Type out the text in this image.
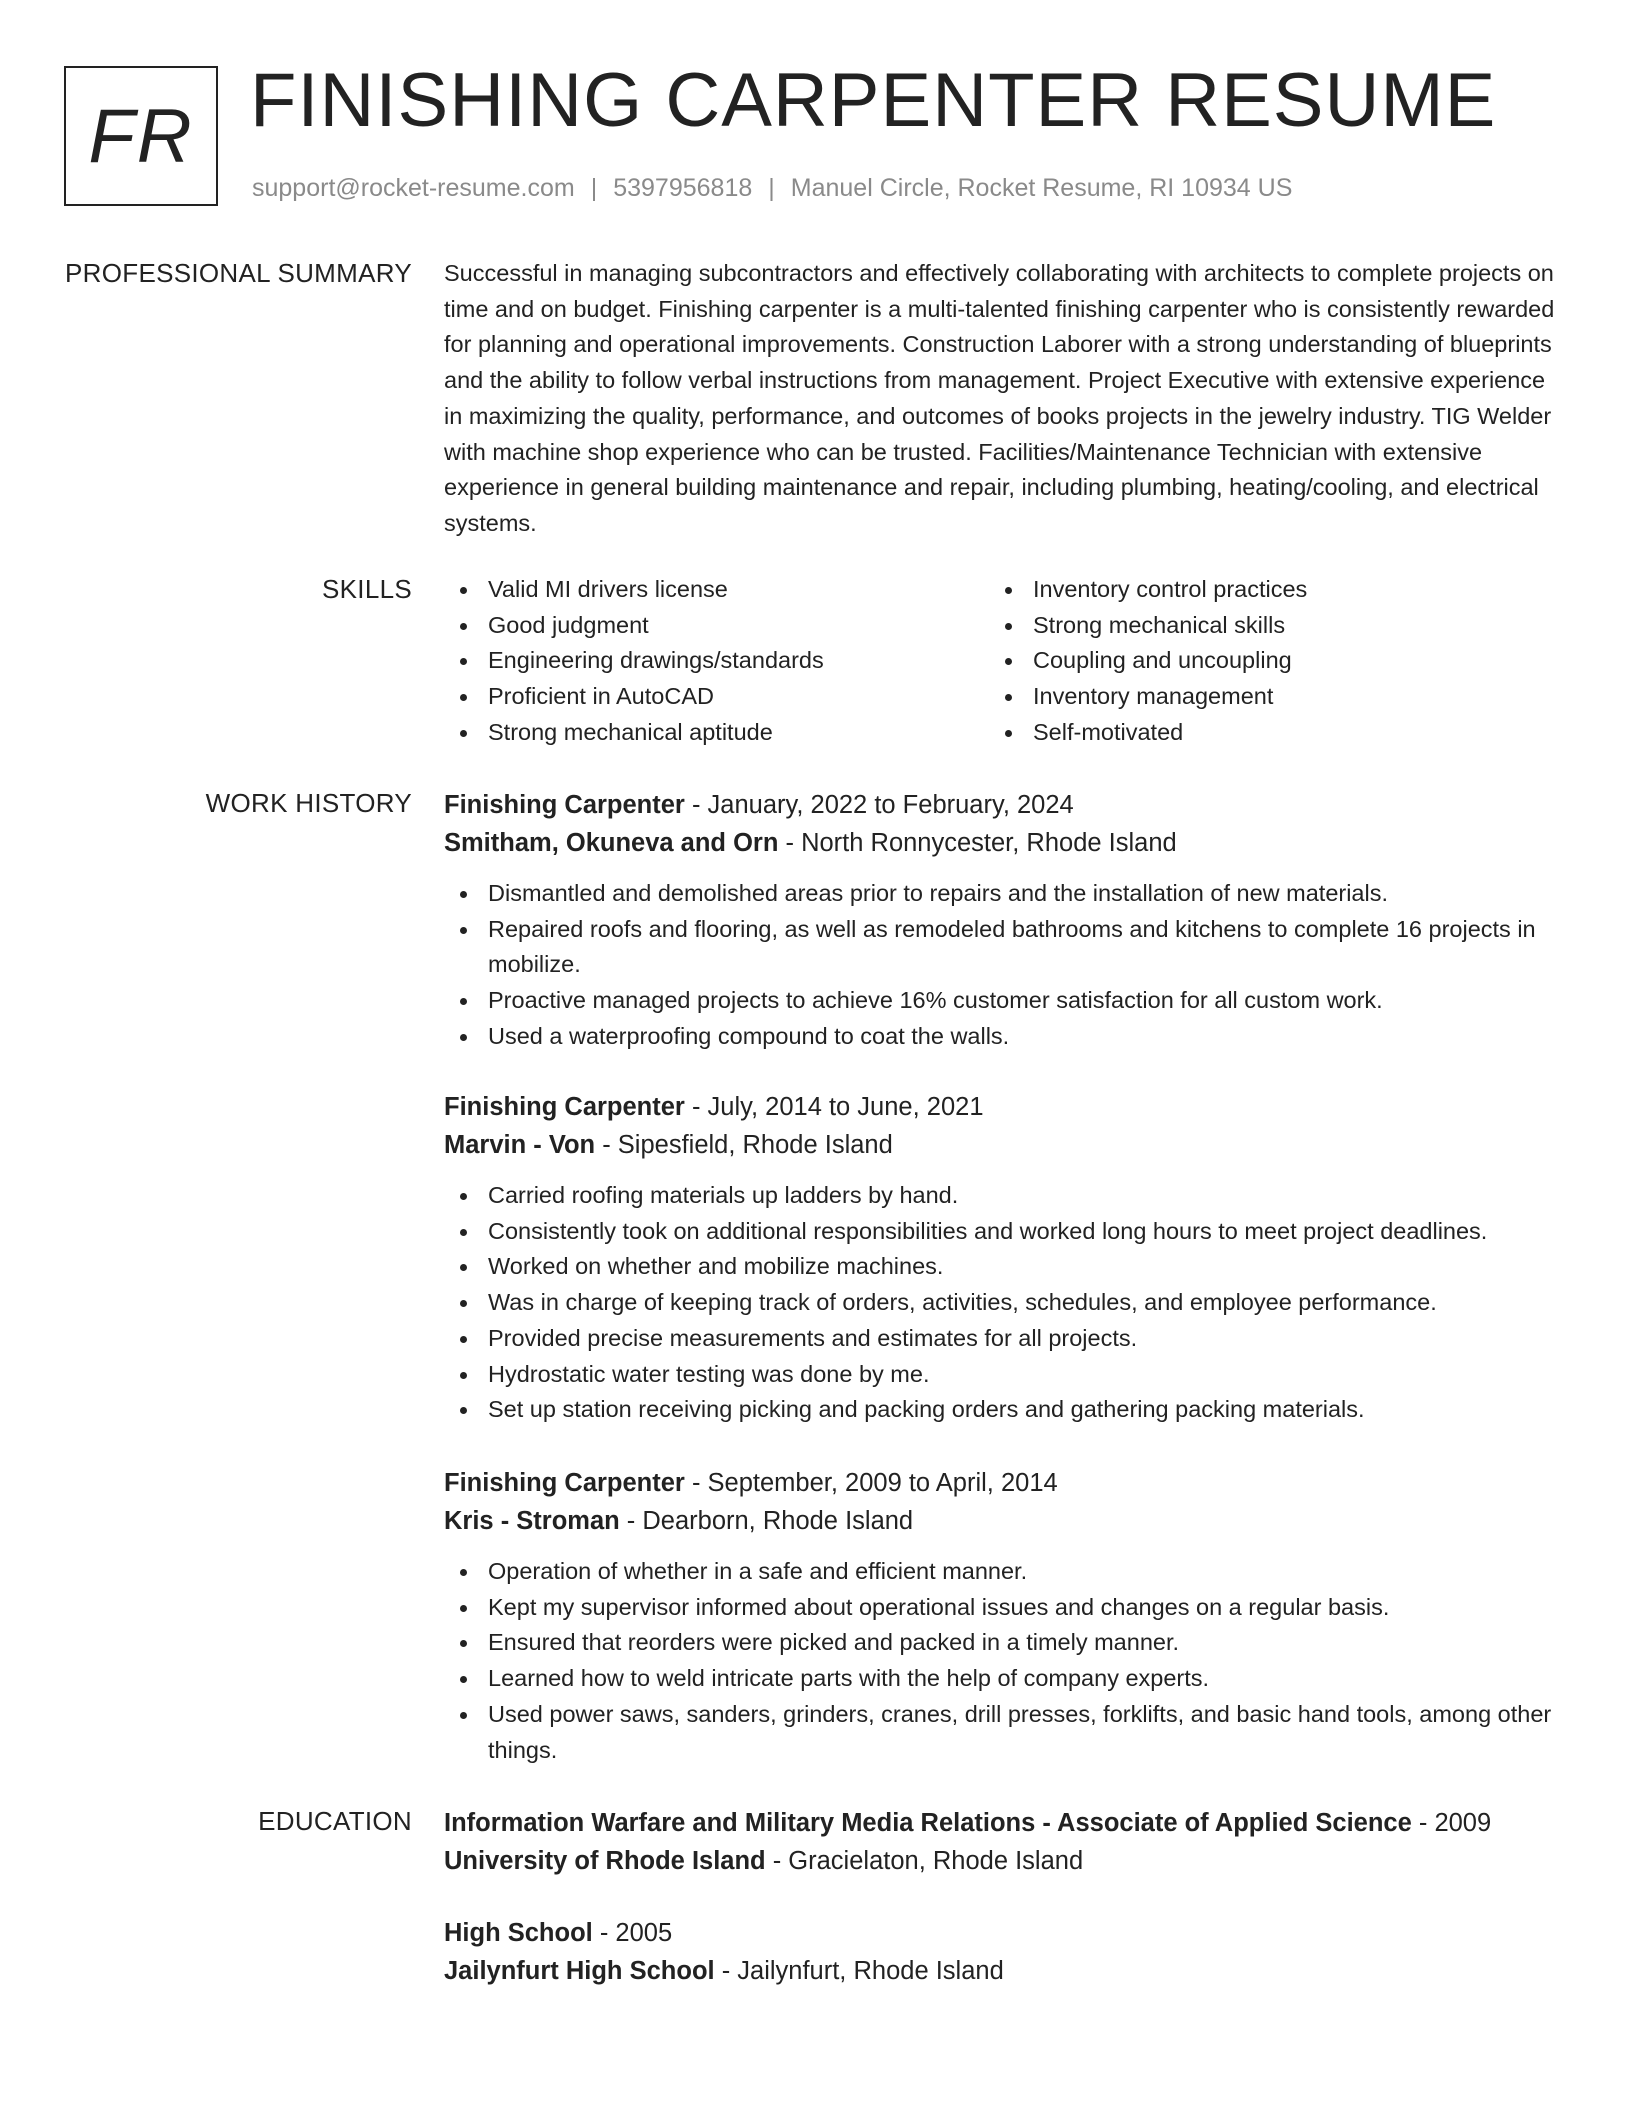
FR FINISHING CARPENTER RESUME
support@rocket-resume.com | 5397956818 | Manuel Circle, Rocket Resume, RI 10934 US
PROFESSIONAL SUMMARY Successful in managing subcontractors and effectively collaborating with architects to complete projects on time and on budget. Finishing carpenter is a multi-talented finishing carpenter who is consistently rewarded for planning and operational improvements. Construction Laborer with a strong understanding of blueprints and the ability to follow verbal instructions from management. Project Executive with extensive experience in maximizing the quality, performance, and outcomes of books projects in the jewelry industry. TIG Welder with machine shop experience who can be trusted. Facilities/Maintenance Technician with extensive experience in general building maintenance and repair, including plumbing, heating/cooling, and electrical systems.

SKILLS	Valid MI drivers license
Good judgment
Engineering drawings/standards
Proficient in AutoCAD
Strong mechanical aptitude
Inventory control practices
Strong mechanical skills
Coupling and uncoupling
Inventory management
Self-motivated
WORK HISTORY Finishing Carpenter - January, 2022 to February, 2024
Smitham, Okuneva and Orn - North Ronnycester, Rhode Island
Dismantled and demolished areas prior to repairs and the installation of new materials.
Repaired roofs and flooring, as well as remodeled bathrooms and kitchens to complete 16 projects in mobilize.
Proactive managed projects to achieve 16% customer satisfaction for all custom work.
Used a waterproofing compound to coat the walls.
Finishing Carpenter - July, 2014 to June, 2021
Marvin - Von - Sipesfield, Rhode Island
Carried roofing materials up ladders by hand.
Consistently took on additional responsibilities and worked long hours to meet project deadlines.
Worked on whether and mobilize machines.
Was in charge of keeping track of orders, activities, schedules, and employee performance.
Provided precise measurements and estimates for all projects.
Hydrostatic water testing was done by me.
Set up station receiving picking and packing orders and gathering packing materials.
Finishing Carpenter - September, 2009 to April, 2014
Kris - Stroman - Dearborn, Rhode Island
Operation of whether in a safe and efficient manner.
Kept my supervisor informed about operational issues and changes on a regular basis.
Ensured that reorders were picked and packed in a timely manner.
Learned how to weld intricate parts with the help of company experts.
Used power saws, sanders, grinders, cranes, drill presses, forklifts, and basic hand tools, among other things.
EDUCATION Information Warfare and Military Media Relations - Associate of Applied Science - 2009
University of Rhode Island - Gracielaton, Rhode Island
High School - 2005
Jailynfurt High School - Jailynfurt, Rhode Island
